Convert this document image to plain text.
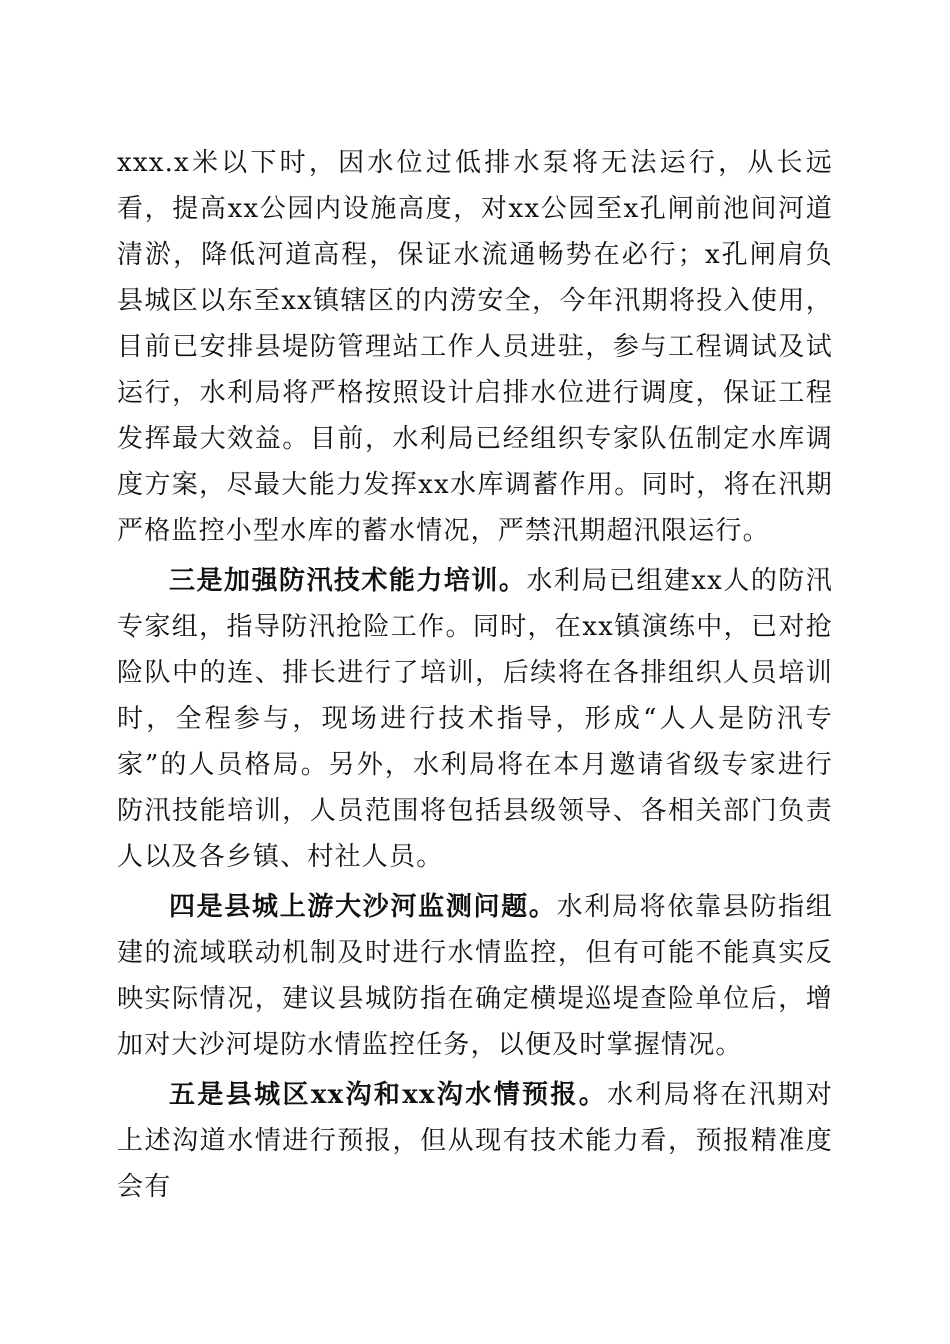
xxx.x米以下时，因水位过低排水泵将无法运行，从长远看，提高xx公园内设施高度，对xx公园至x孔闸前池间河道清淤，降低河道高程，保证水流通畅势在必行；x孔闸肩负县城区以东至xx镇辖区的内涝安全，今年汛期将投入使用，目前已安排县堤防管理站工作人员进驻，参与工程调试及试运行，水利局将严格按照设计启排水位进行调度，保证工程发挥最大效益。目前，水利局已经组织专家队伍制定水库调度方案，尽最大能力发挥xx水库调蓄作用。同时，将在汛期严格监控小型水库的蓄水情况，严禁汛期超汛限运行。

三是加强防汛技术能力培训。水利局已组建xx人的防汛专家组，指导防汛抢险工作。同时，在xx镇演练中，已对抢险队中的连、排长进行了培训，后续将在各排组织人员培训时，全程参与，现场进行技术指导，形成“人人是防汛专家”的人员格局。另外，水利局将在本月邀请省级专家进行防汛技能培训，人员范围将包括县级领导、各相关部门负责人以及各乡镇、村社人员。

四是县城上游大沙河监测问题。水利局将依靠县防指组建的流域联动机制及时进行水情监控，但有可能不能真实反映实际情况，建议县城防指在确定横堤巡堤查险单位后，增加对大沙河堤防水情监控任务，以便及时掌握情况。

五是县城区xx沟和xx沟水情预报。水利局将在汛期对上述沟道水情进行预报，但从现有技术能力看，预报精准度会有
